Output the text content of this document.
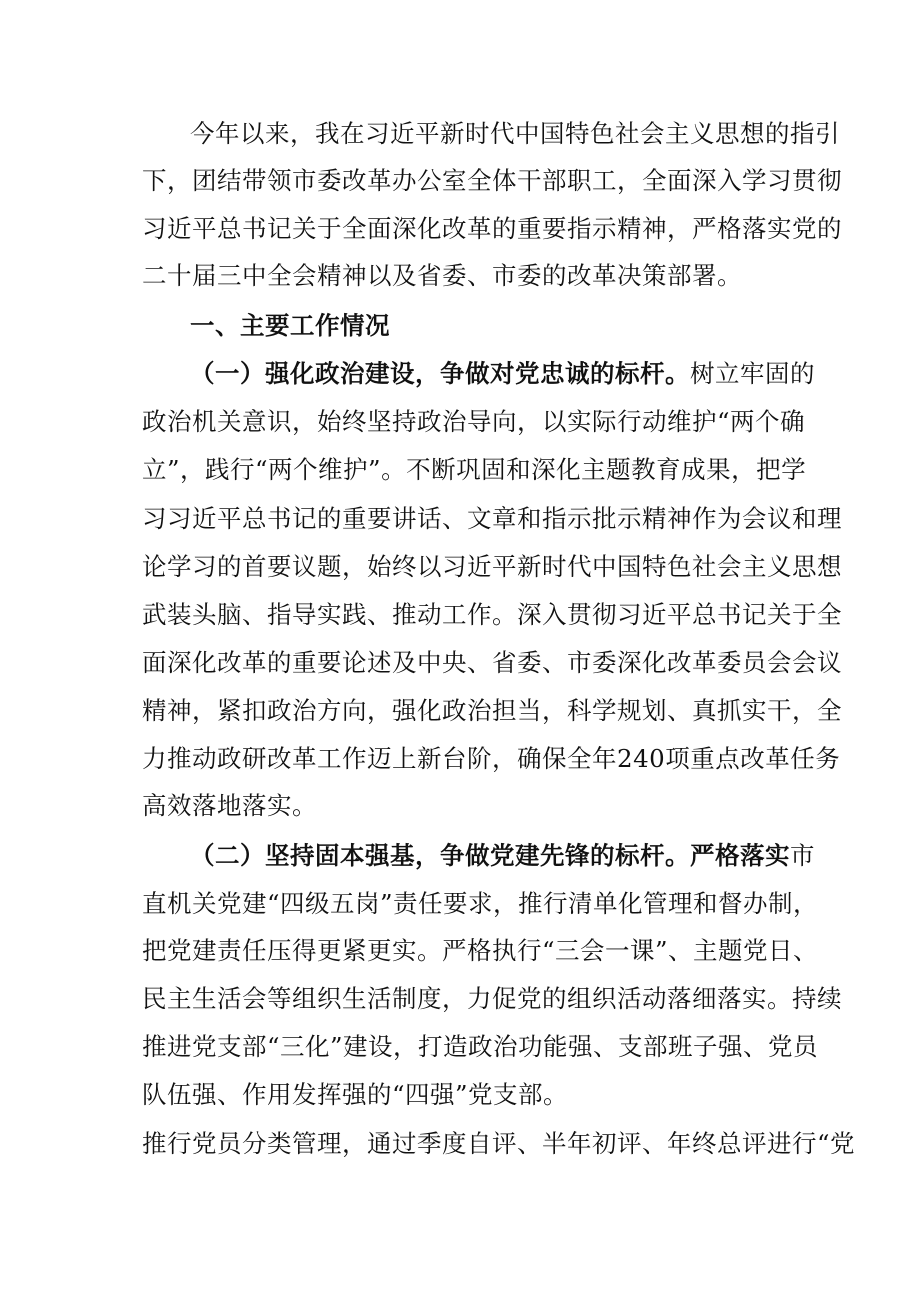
今年以来，我在习近平新时代中国特色社会主义思想的指引
下，团结带领市委改革办公室全体干部职工，全面深入学习贯彻
习近平总书记关于全面深化改革的重要指示精神，严格落实党的
二十届三中全会精神以及省委、市委的改革决策部署。
一、主要工作情况
（一）强化政治建设，争做对党忠诚的标杆。树立牢固的
政治机关意识，始终坚持政治导向，以实际行动维护“两个确
立”，践行“两个维护”。不断巩固和深化主题教育成果，把学
习习近平总书记的重要讲话、文章和指示批示精神作为会议和理
论学习的首要议题，始终以习近平新时代中国特色社会主义思想
武装头脑、指导实践、推动工作。深入贯彻习近平总书记关于全
面深化改革的重要论述及中央、省委、市委深化改革委员会会议
精神，紧扣政治方向，强化政治担当，科学规划、真抓实干，全
力推动政研改革工作迈上新台阶，确保全年240项重点改革任务
高效落地落实。
（二）坚持固本强基，争做党建先锋的标杆。严格落实市
直机关党建“四级五岗”责任要求，推行清单化管理和督办制，
把党建责任压得更紧更实。严格执行“三会一课”、主题党日、
民主生活会等组织生活制度，力促党的组织活动落细落实。持续
推进党支部“三化”建设，打造政治功能强、支部班子强、党员
队伍强、作用发挥强的“四强”党支部。
推行党员分类管理，通过季度自评、半年初评、年终总评进行“党
